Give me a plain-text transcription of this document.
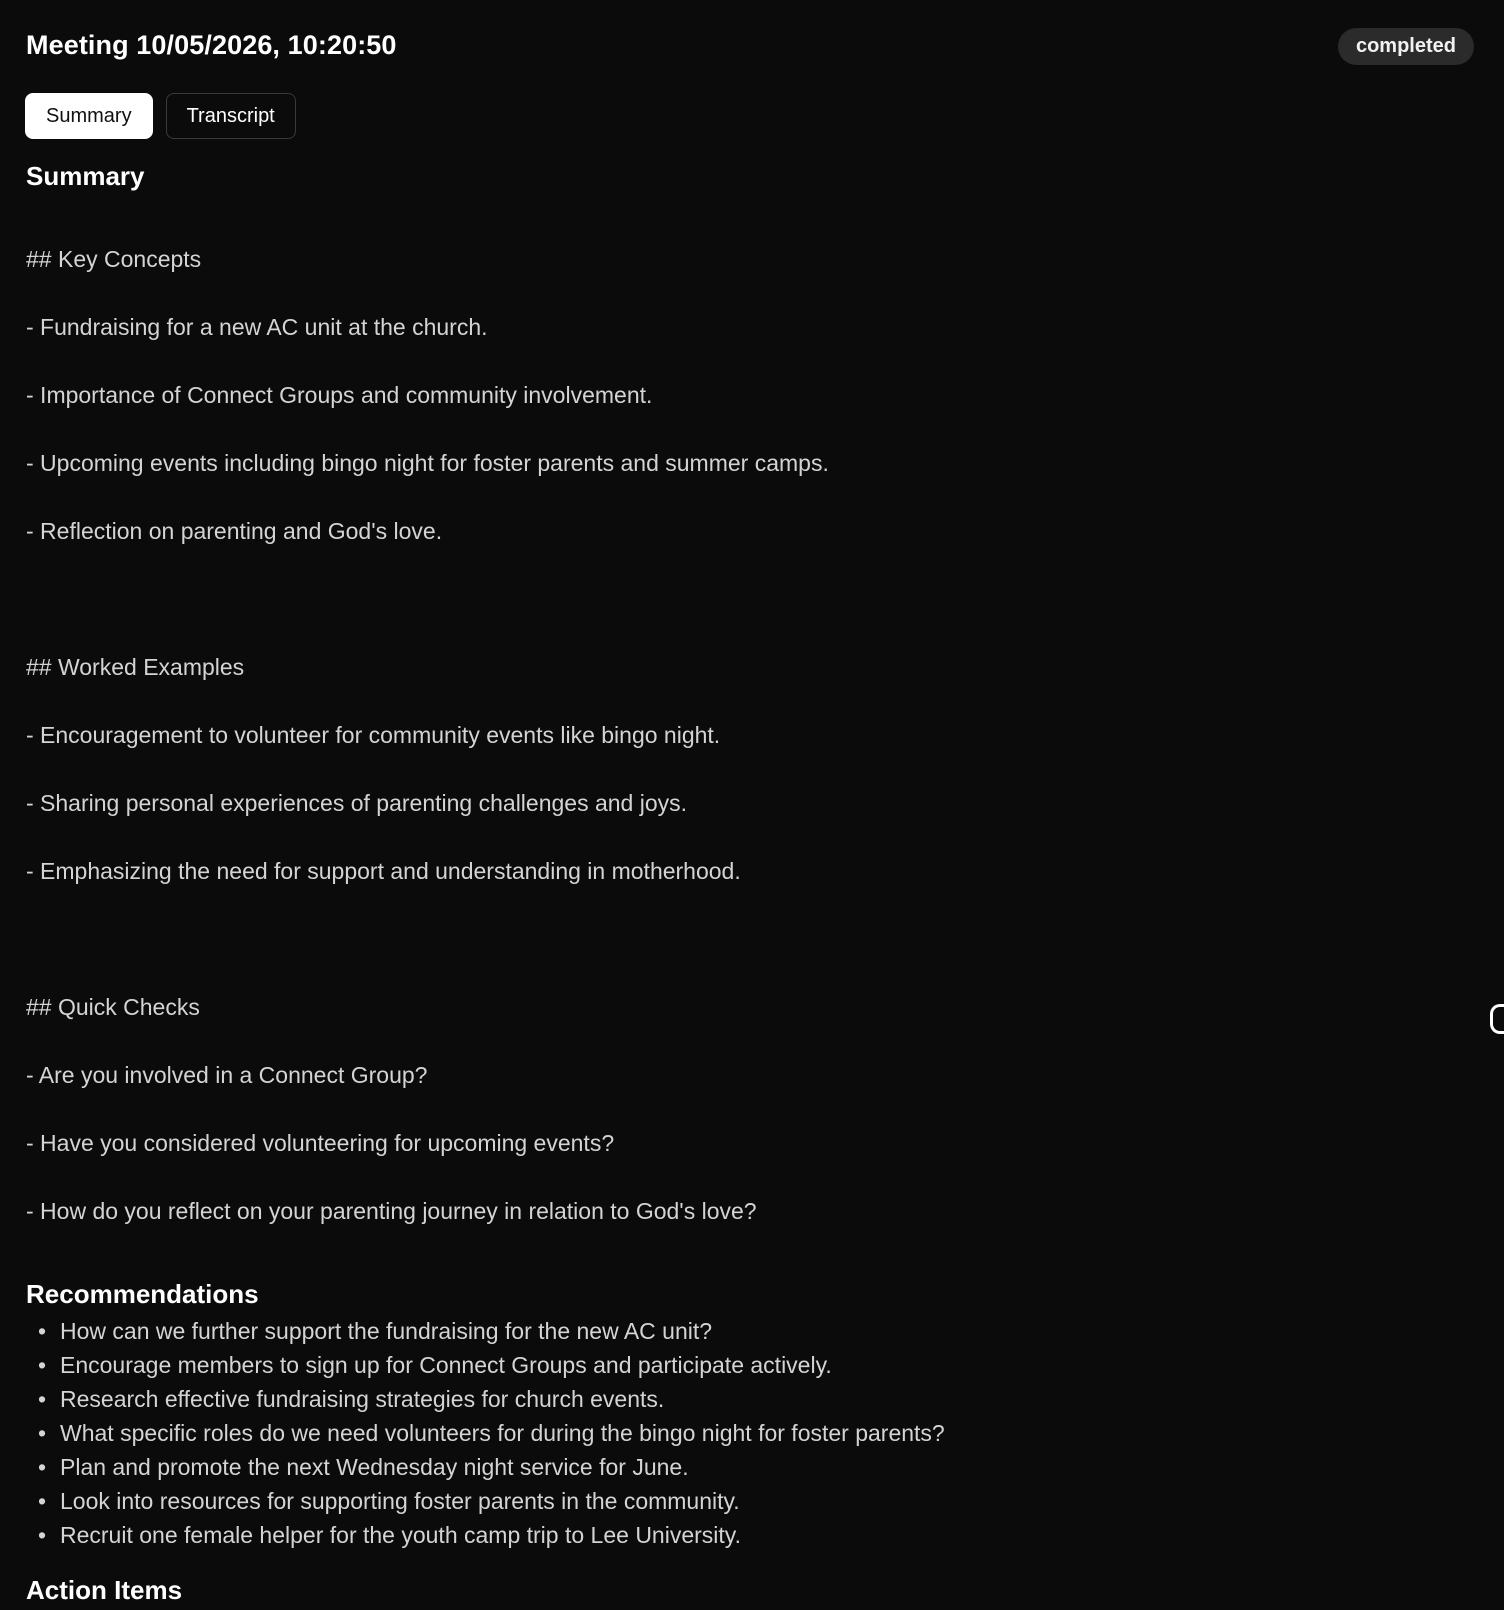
Meeting 10/05/2026, 10:20:50	completed
Summary	Transcript
Summary

## Key Concepts

- Fundraising for a new AC unit at the church.

- Importance of Connect Groups and community involvement.

- Upcoming events including bingo night for foster parents and summer camps.

- Reflection on parenting and God's love.

## Worked Examples

- Encouragement to volunteer for community events like bingo night.

- Sharing personal experiences of parenting challenges and joys.

- Emphasizing the need for support and understanding in motherhood.

## Quick Checks

- Are you involved in a Connect Group?

- Have you considered volunteering for upcoming events?

- How do you reflect on your parenting journey in relation to God's love?

Recommendations
• How can we further support the fundraising for the new AC unit?
• Encourage members to sign up for Connect Groups and participate actively.
• Research effective fundraising strategies for church events.
• What specific roles do we need volunteers for during the bingo night for foster parents?
• Plan and promote the next Wednesday night service for June.
• Look into resources for supporting foster parents in the community.
• Recruit one female helper for the youth camp trip to Lee University.
Action Items
